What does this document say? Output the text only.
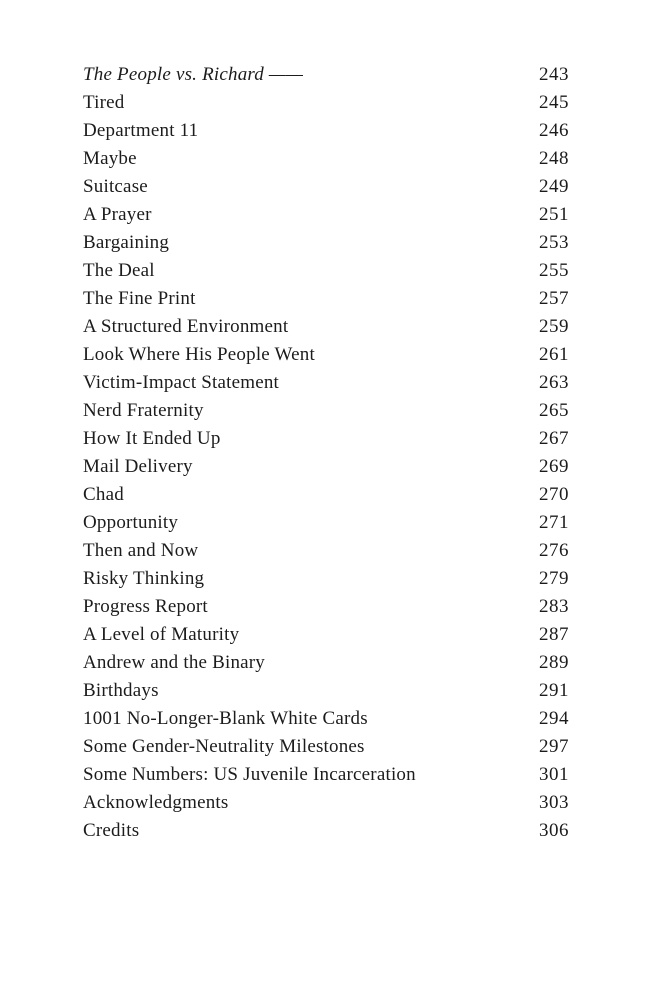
The People vs. Richard ——	243
Tired	245
Department 11	246
Maybe	248
Suitcase	249
A Prayer	251
Bargaining	253
The Deal	255
The Fine Print	257
A Structured Environment	259
Look Where His People Went	261
Victim-Impact Statement	263
Nerd Fraternity	265
How It Ended Up	267
Mail Delivery	269
Chad	270
Opportunity	271
Then and Now	276
Risky Thinking	279
Progress Report	283
A Level of Maturity	287
Andrew and the Binary	289
Birthdays	291
1001 No-Longer-Blank White Cards	294
Some Gender-Neutrality Milestones	297
Some Numbers: US Juvenile Incarceration	301
Acknowledgments	303
Credits	306
